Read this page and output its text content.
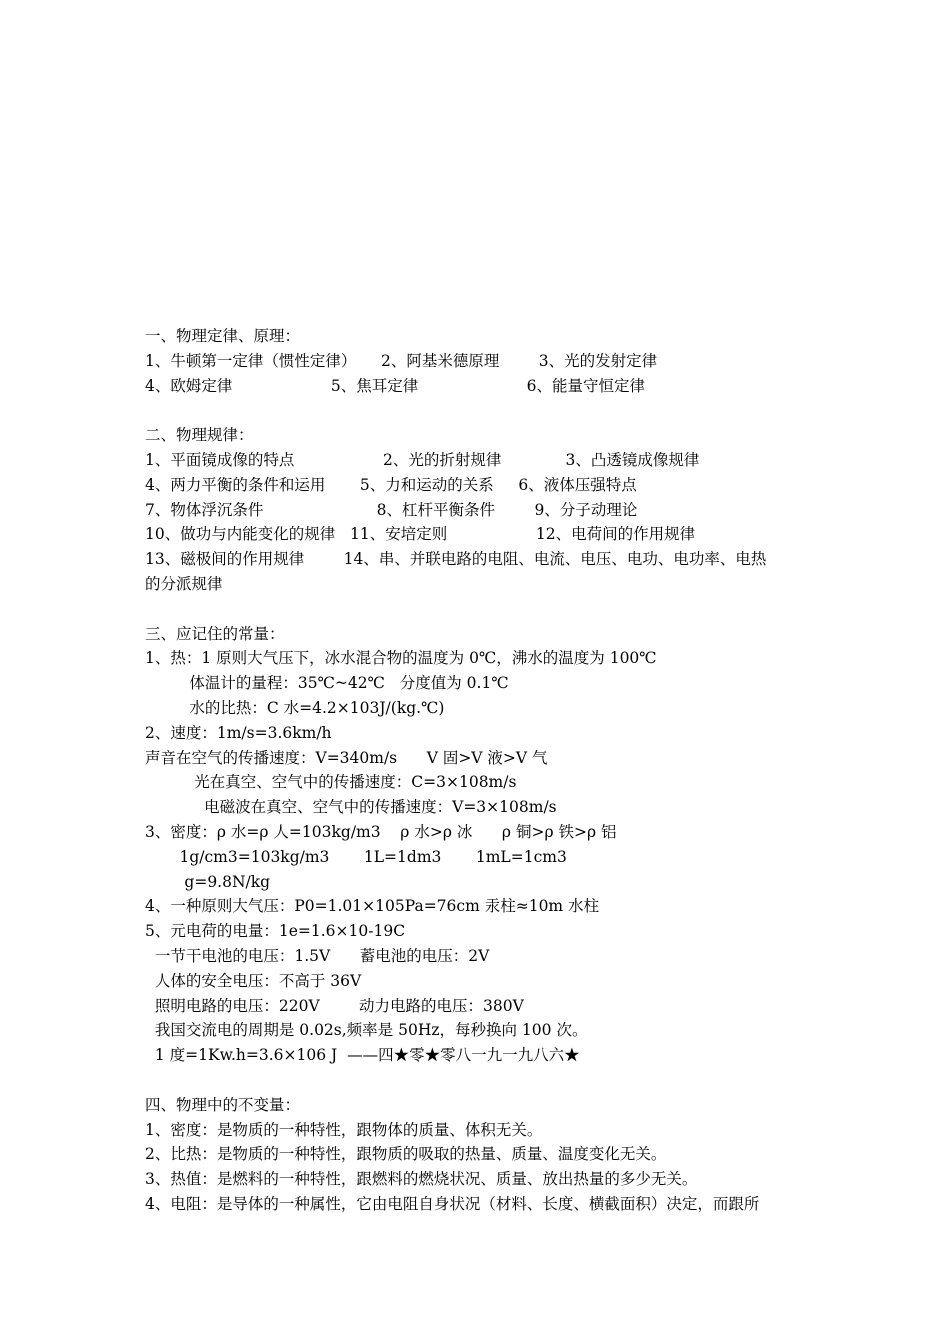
一、物理定律、原理：
1、牛顿第一定律（惯性定律）     2、阿基米德原理        3、光的发射定律
4、欧姆定律                    5、焦耳定律                      6、能量守恒定律
二、物理规律：
1、平面镜成像的特点                  2、光的折射规律             3、凸透镜成像规律
4、两力平衡的条件和运用       5、力和运动的关系     6、液体压强特点
7、物体浮沉条件                       8、杠杆平衡条件        9、分子动理论
10、做功与内能变化的规律   11、安培定则                  12、电荷间的作用规律
13、磁极间的作用规律        14、串、并联电路的电阻、电流、电压、电功、电功率、电热
的分派规律
三、应记住的常量：
1、热：1 原则大气压下，冰水混合物的温度为 0℃，沸水的温度为 100℃
体温计的量程：35℃~42℃   分度值为 0.1℃
水的比热：C 水=4.2×103J/(kg.℃)
2、速度：1m/s=3.6km/h
声音在空气的传播速度：V=340m/s      V 固>V 液>V 气
光在真空、空气中的传播速度：C=3×108m/s
电磁波在真空、空气中的传播速度：V=3×108m/s
3、密度：ρ 水=ρ 人=103kg/m3    ρ 水>ρ 冰      ρ 铜>ρ 铁>ρ 铝
1g/cm3=103kg/m3       1L=1dm3       1mL=1cm3
g=9.8N/kg
4、一种原则大气压：P0=1.01×105Pa=76cm 汞柱≈10m 水柱
5、元电荷的电量：1e=1.6×10-19C
一节干电池的电压：1.5V      蓄电池的电压：2V
人体的安全电压：不高于 36V
照明电路的电压：220V        动力电路的电压：380V
我国交流电的周期是 0.02s,频率是 50Hz，每秒换向 100 次。
1 度=1Kw.h=3.6×106 J  ——四★零★零八一九一九八六★
四、物理中的不变量：
1、密度：是物质的一种特性，跟物体的质量、体积无关。
2、比热：是物质的一种特性，跟物质的吸取的热量、质量、温度变化无关。
3、热值：是燃料的一种特性，跟燃料的燃烧状况、质量、放出热量的多少无关。
4、电阻：是导体的一种属性，它由电阻自身状况（材料、长度、横截面积）决定，而跟所
